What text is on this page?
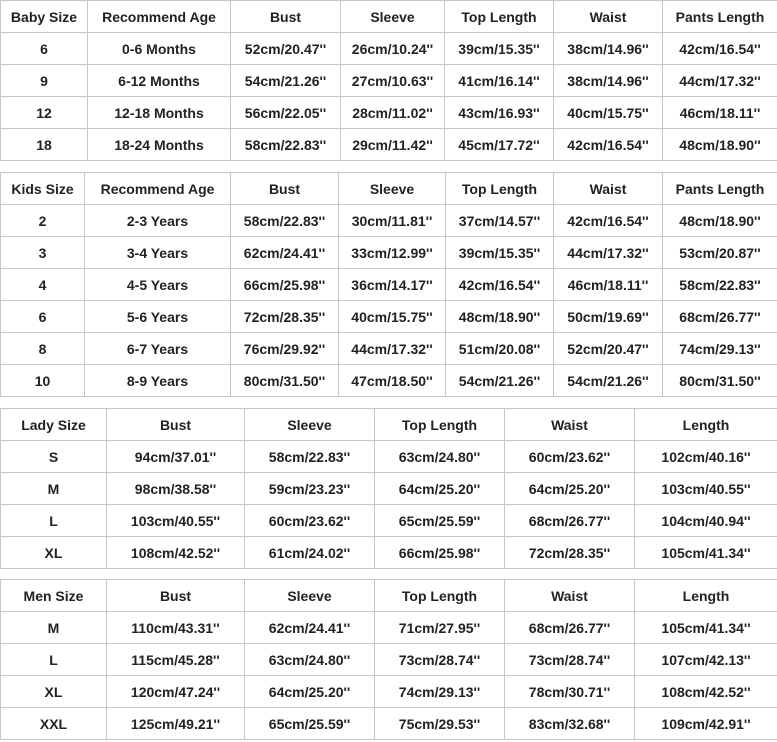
Baby Size	Recommend Age	Bust	Sleeve	Top Length	Waist	Pants Length
6	0-6 Months	52cm/20.47''	26cm/10.24''	39cm/15.35''	38cm/14.96''	42cm/16.54''
9	6-12 Months	54cm/21.26''	27cm/10.63''	41cm/16.14''	38cm/14.96''	44cm/17.32''
12	12-18 Months	56cm/22.05''	28cm/11.02''	43cm/16.93''	40cm/15.75''	46cm/18.11''
18	18-24 Months	58cm/22.83''	29cm/11.42''	45cm/17.72''	42cm/16.54''	48cm/18.90''
Kids Size	Recommend Age	Bust	Sleeve	Top Length	Waist	Pants Length
2	2-3 Years	58cm/22.83''	30cm/11.81''	37cm/14.57''	42cm/16.54''	48cm/18.90''
3	3-4 Years	62cm/24.41''	33cm/12.99''	39cm/15.35''	44cm/17.32''	53cm/20.87''
4	4-5 Years	66cm/25.98''	36cm/14.17''	42cm/16.54''	46cm/18.11''	58cm/22.83''
6	5-6 Years	72cm/28.35''	40cm/15.75''	48cm/18.90''	50cm/19.69''	68cm/26.77''
8	6-7 Years	76cm/29.92''	44cm/17.32''	51cm/20.08''	52cm/20.47''	74cm/29.13''
10	8-9 Years	80cm/31.50''	47cm/18.50''	54cm/21.26''	54cm/21.26''	80cm/31.50''
Lady Size	Bust	Sleeve	Top Length	Waist	Length
S	94cm/37.01''	58cm/22.83''	63cm/24.80''	60cm/23.62''	102cm/40.16''
M	98cm/38.58''	59cm/23.23''	64cm/25.20''	64cm/25.20''	103cm/40.55''
L	103cm/40.55''	60cm/23.62''	65cm/25.59''	68cm/26.77''	104cm/40.94''
XL	108cm/42.52''	61cm/24.02''	66cm/25.98''	72cm/28.35''	105cm/41.34''
Men Size	Bust	Sleeve	Top Length	Waist	Length
M	110cm/43.31''	62cm/24.41''	71cm/27.95''	68cm/26.77''	105cm/41.34''
L	115cm/45.28''	63cm/24.80''	73cm/28.74''	73cm/28.74''	107cm/42.13''
XL	120cm/47.24''	64cm/25.20''	74cm/29.13''	78cm/30.71''	108cm/42.52''
XXL	125cm/49.21''	65cm/25.59''	75cm/29.53''	83cm/32.68''	109cm/42.91''
